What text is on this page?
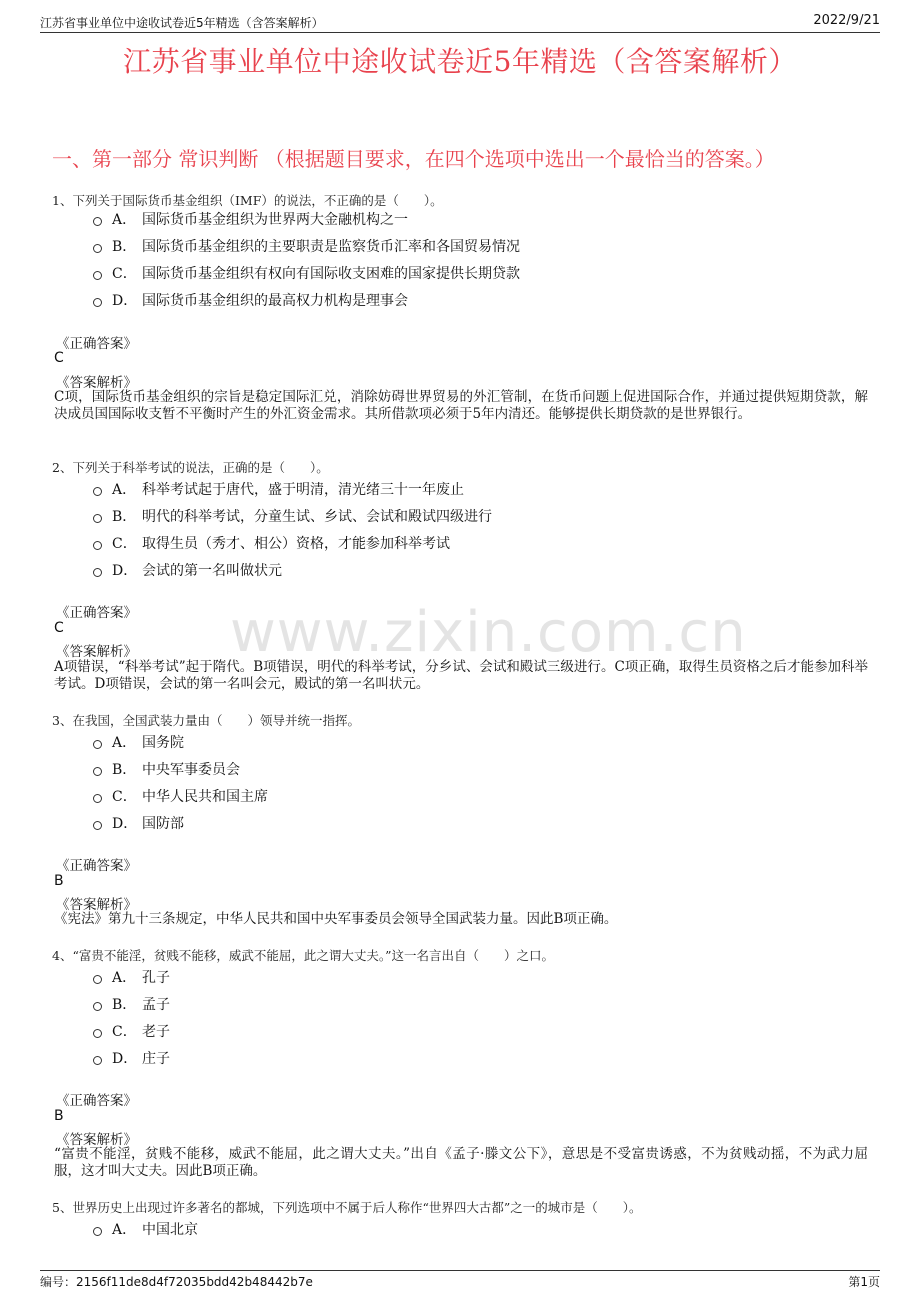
江苏省事业单位中途收试卷近5年精选（含答案解析）	2022/9/21
江苏省事业单位中途收试卷近5年精选（含答案解析）
一、第一部分 常识判断 （根据题目要求，在四个选项中选出一个最恰当的答案。）
www.zixin.com.cn
1、下列关于国际货币基金组织（IMF）的说法，不正确的是（　　）。
A． 国际货币基金组织为世界两大金融机构之一
B． 国际货币基金组织的主要职责是监察货币汇率和各国贸易情况
C． 国际货币基金组织有权向有国际收支困难的国家提供长期贷款
D． 国际货币基金组织的最高权力机构是理事会
《正确答案》
C
《答案解析》
C项，国际货币基金组织的宗旨是稳定国际汇兑，消除妨碍世界贸易的外汇管制，在货币问题上促进国际合作，并通过提供短期贷款，解决成员国国际收支暂不平衡时产生的外汇资金需求。其所借款项必须于5年内清还。能够提供长期贷款的是世界银行。
2、下列关于科举考试的说法，正确的是（　　）。
A． 科举考试起于唐代，盛于明清，清光绪三十一年废止
B． 明代的科举考试，分童生试、乡试、会试和殿试四级进行
C． 取得生员（秀才、相公）资格，才能参加科举考试
D． 会试的第一名叫做状元
《正确答案》
C
《答案解析》
A项错误，“科举考试”起于隋代。B项错误，明代的科举考试，分乡试、会试和殿试三级进行。C项正确，取得生员资格之后才能参加科举考试。D项错误，会试的第一名叫会元，殿试的第一名叫状元。
3、在我国，全国武装力量由（　　）领导并统一指挥。
A． 国务院
B． 中央军事委员会
C． 中华人民共和国主席
D． 国防部
《正确答案》
B
《答案解析》
《宪法》第九十三条规定，中华人民共和国中央军事委员会领导全国武装力量。因此B项正确。
4、“富贵不能淫，贫贱不能移，威武不能屈，此之谓大丈夫。”这一名言出自（　　）之口。
A． 孔子
B． 孟子
C． 老子
D． 庄子
《正确答案》
B
《答案解析》
“富贵不能淫，贫贱不能移，威武不能屈，此之谓大丈夫。”出自《孟子·滕文公下》，意思是不受富贵诱惑，不为贫贱动摇，不为武力屈服，这才叫大丈夫。因此B项正确。
5、世界历史上出现过许多著名的都城，下列选项中不属于后人称作“世界四大古都”之一的城市是（　　）。
A． 中国北京
编号：2156f11de8d4f72035bdd42b48442b7e	第1页
